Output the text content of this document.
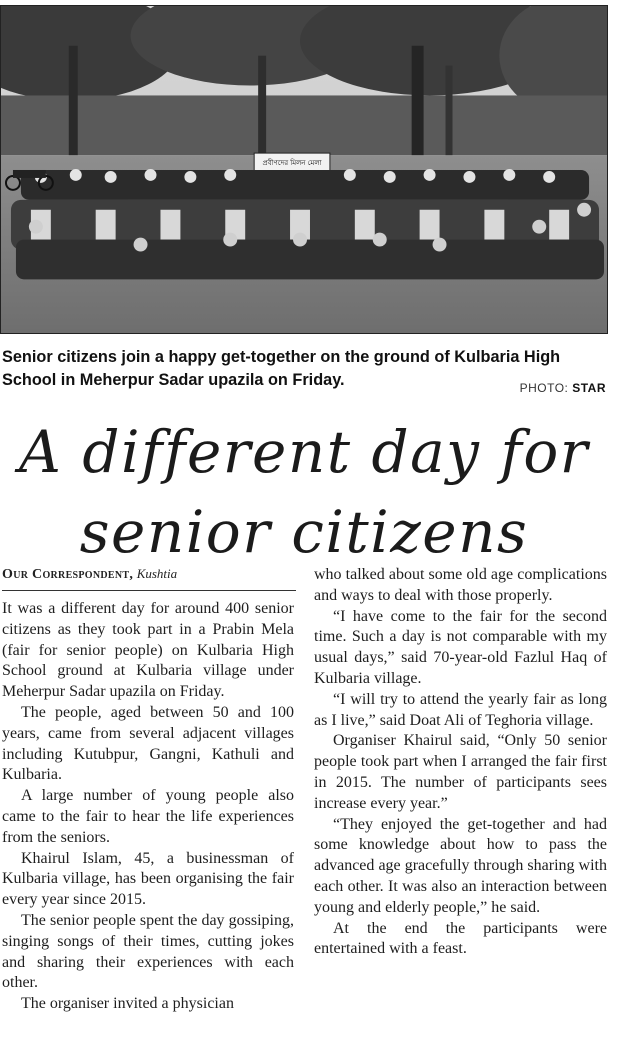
প্রবীণদের মিলন মেলা
Senior citizens join a happy get-together on the ground of Kulbaria High School in Meherpur Sadar upazila on Friday.	PHOTO: STAR
A different day for
senior citizens
Our Correspondent, Kushtia

It was a different day for around 400 senior citizens as they took part in a Prabin Mela (fair for senior people) on Kulbaria High School ground at Kulbaria village under Meherpur Sadar upazila on Friday.

The people, aged between 50 and 100 years, came from several adjacent villages including Kutubpur, Gangni, Kathuli and Kulbaria.

A large number of young people also came to the fair to hear the life experiences from the seniors.

Khairul Islam, 45, a businessman of Kulbaria village, has been organising the fair every year since 2015.

The senior people spent the day gossiping, singing songs of their times, cutting jokes and sharing their experiences with each other.

The organiser invited a physician

who talked about some old age complications and ways to deal with those properly.

“I have come to the fair for the second time. Such a day is not comparable with my usual days,” said 70-year-old Fazlul Haq of Kulbaria village.

“I will try to attend the yearly fair as long as I live,” said Doat Ali of Teghoria village.

Organiser Khairul said, “Only 50 senior people took part when I arranged the fair first in 2015. The number of participants sees increase every year.”

“They enjoyed the get-together and had some knowledge about how to pass the advanced age gracefully through sharing with each other. It was also an interaction between young and elderly people,” he said.

At the end the participants were entertained with a feast.
